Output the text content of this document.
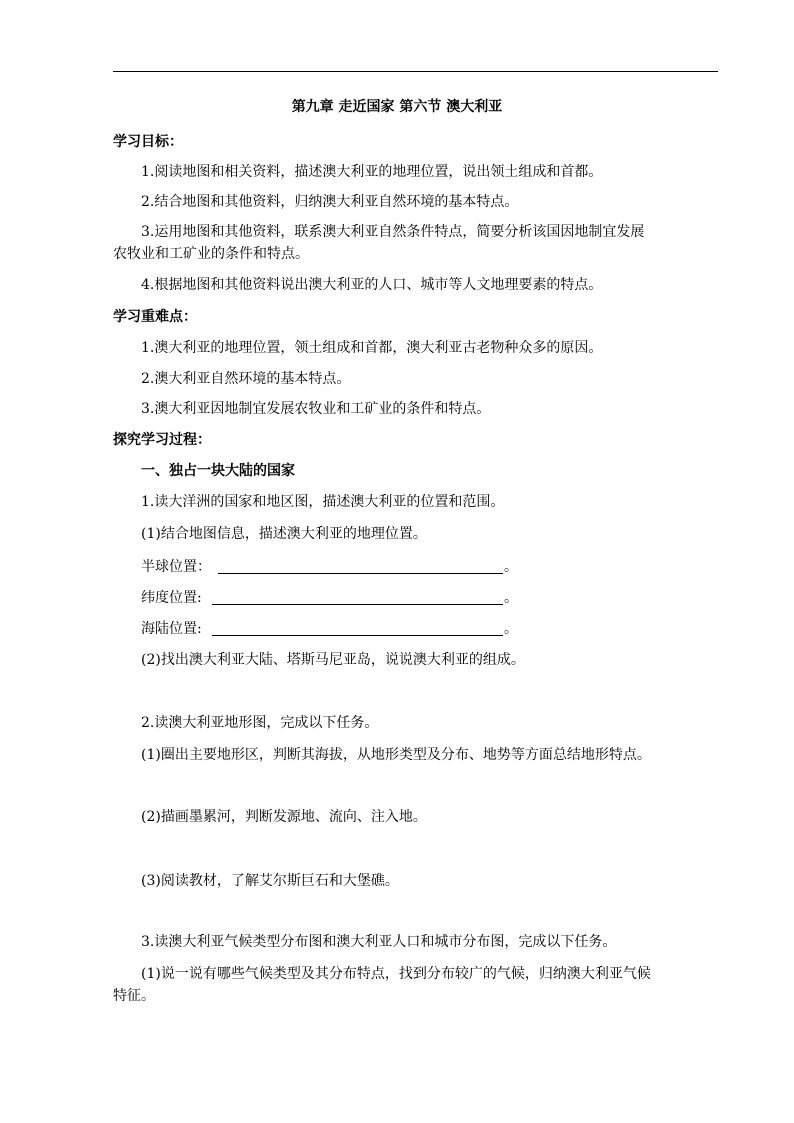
第九章 走近国家 第六节 澳大利亚
学习目标：
1.阅读地图和相关资料，描述澳大利亚的地理位置，说出领土组成和首都。
2.结合地图和其他资料，归纳澳大利亚自然环境的基本特点。
3.运用地图和其他资料，联系澳大利亚自然条件特点，简要分析该国因地制宜发展
农牧业和工矿业的条件和特点。
4.根据地图和其他资料说出澳大利亚的人口、城市等人文地理要素的特点。
学习重难点：
1.澳大利亚的地理位置，领土组成和首都，澳大利亚古老物种众多的原因。
2.澳大利亚自然环境的基本特点。
3.澳大利亚因地制宜发展农牧业和工矿业的条件和特点。
探究学习过程：
一、独占一块大陆的国家
1.读大洋洲的国家和地区图，描述澳大利亚的位置和范围。
(1)结合地图信息，描述澳大利亚的地理位置。
半球位置：	。
纬度位置:	。
海陆位置:	。
(2)找出澳大利亚大陆、塔斯马尼亚岛，说说澳大利亚的组成。
2.读澳大利亚地形图，完成以下任务。
(1)圈出主要地形区，判断其海拔，从地形类型及分布、地势等方面总结地形特点。
(2)描画墨累河，判断发源地、流向、注入地。
(3)阅读教材，了解艾尔斯巨石和大堡礁。
3.读澳大利亚气候类型分布图和澳大利亚人口和城市分布图，完成以下任务。
(1)说一说有哪些气候类型及其分布特点，找到分布较广的气候，归纳澳大利亚气候
特征。
